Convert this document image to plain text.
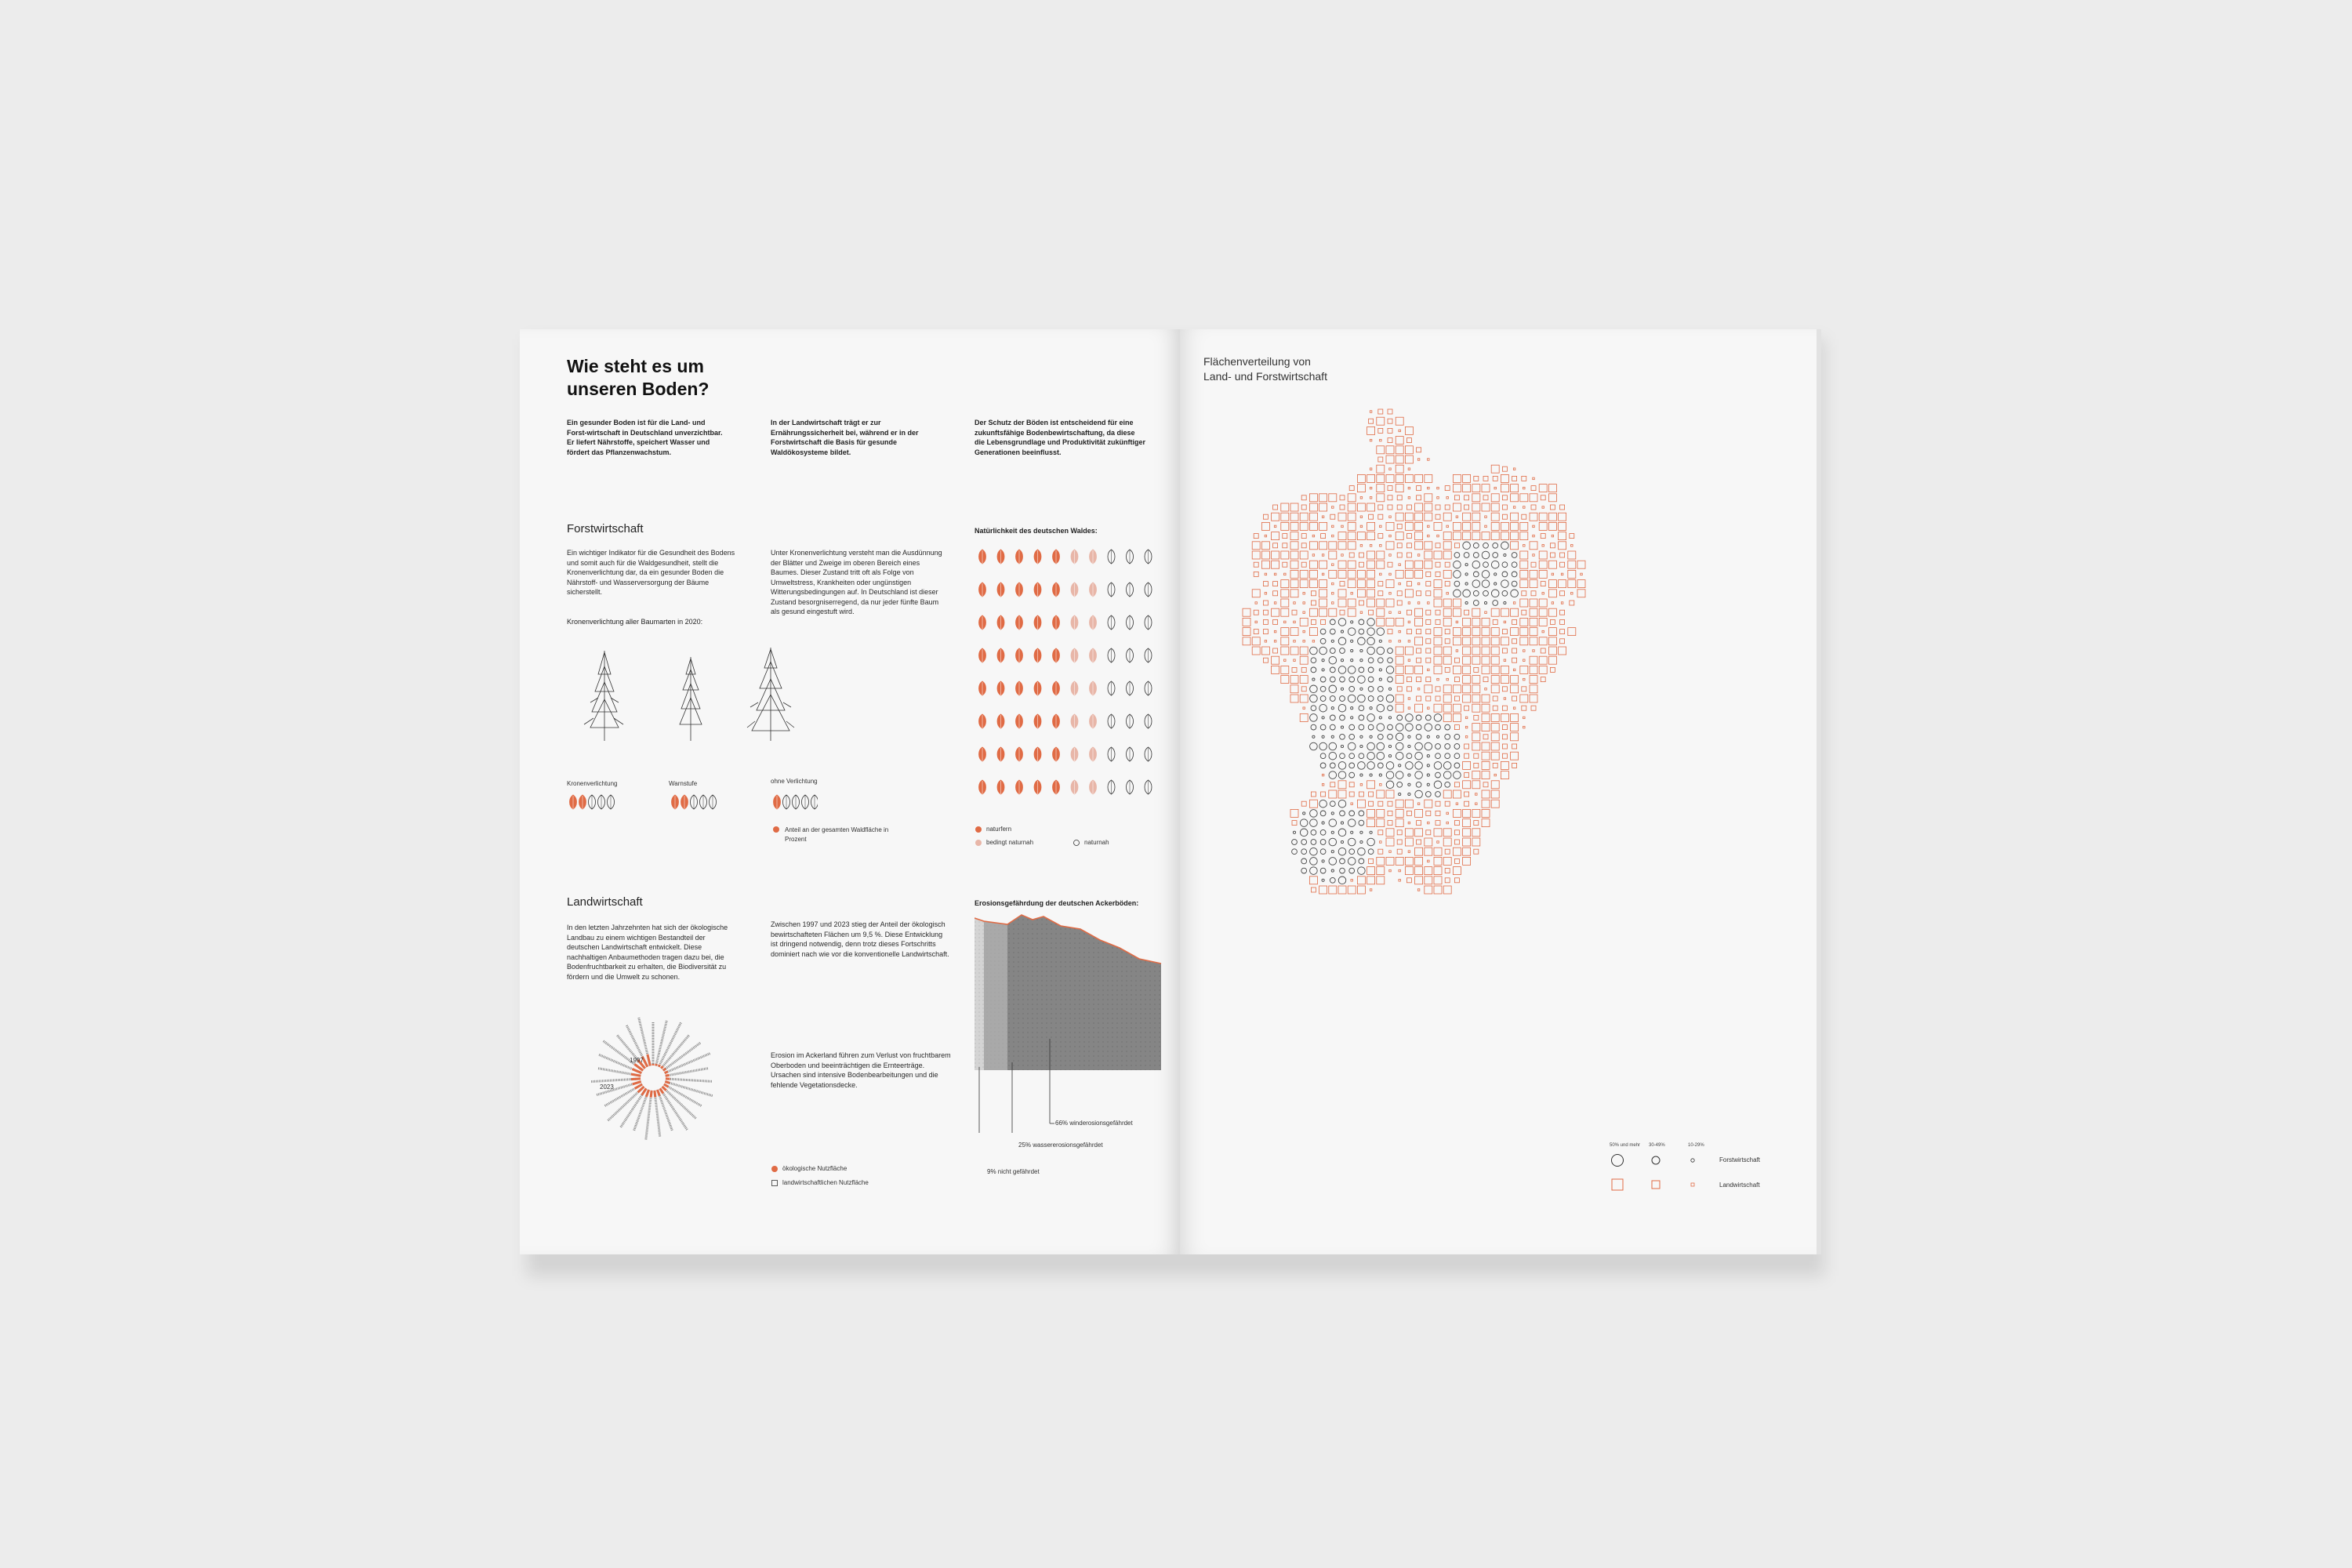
Wie steht es um unseren Boden?
Ein gesunder Boden ist für die Land- und Forst-wirtschaft in Deutschland unverzichtbar. Er liefert Nährstoffe, speichert Wasser und fördert das Pflanzenwachstum.
In der Landwirtschaft trägt er zur Ernährungssicherheit bei, während er in der Forstwirtschaft die Basis für gesunde Waldökosysteme bildet.
Der Schutz der Böden ist entscheidend für eine zukunftsfähige Bodenbewirtschaftung, da diese die Lebensgrundlage und Produktivität zukünftiger Generationen beeinflusst.
Forstwirtschaft
Ein wichtiger Indikator für die Gesundheit des Bodens und somit auch für die Waldgesundheit, stellt die Kronenverlichtung dar, da ein gesunder Boden die Nährstoff- und Wasserversorgung der Bäume sicherstellt.
Unter Kronenverlichtung versteht man die Ausdünnung der Blätter und Zweige im oberen Bereich eines Baumes. Dieser Zustand tritt oft als Folge von Umweltstress, Krankheiten oder ungünstigen Witterungsbedingungen auf. In Deutschland ist dieser Zustand besorgniserregend, da nur jeder fünfte Baum als gesund eingestuft wird.
Kronenverlichtung aller Baumarten in 2020:
Kronenverlichtung	Warnstufe	ohne Verlichtung
Anteil an der gesamten Waldfläche in Prozent
Natürlichkeit des deutschen Waldes:
naturfern
bedingt naturnah	naturnah
Landwirtschaft
In den letzten Jahrzehnten hat sich der ökologische Landbau zu einem wichtigen Bestandteil der deutschen Landwirtschaft entwickelt. Diese nachhaltigen Anbaumethoden tragen dazu bei, die Bodenfruchtbarkeit zu erhalten, die Biodiversität zu fördern und die Umwelt zu schonen.
Zwischen 1997 und 2023 stieg der Anteil der ökologisch bewirtschafteten Flächen um 9,5 %. Diese Entwicklung ist dringend notwendig, denn trotz dieses Fortschritts dominiert nach wie vor die konventionelle Landwirtschaft.
Erosion im Ackerland führen zum Verlust von fruchtbarem Oberboden und beeinträchtigen die Ernteerträge. Ursachen sind intensive Bodenbearbeitungen und die fehlende Vegetationsdecke.
1997
2023
ökologische Nutzfläche
landwirtschaftlichen Nutzfläche
Erosionsgefährdung der deutschen Ackerböden:
66% winderosionsgefährdet
25% wassererosionsgefährdet
9% nicht gefährdet
Flächenverteilung von
Land- und Forstwirtschaft
50% und mehr 30-49%	10-29%
Forstwirtschaft
Landwirtschaft
